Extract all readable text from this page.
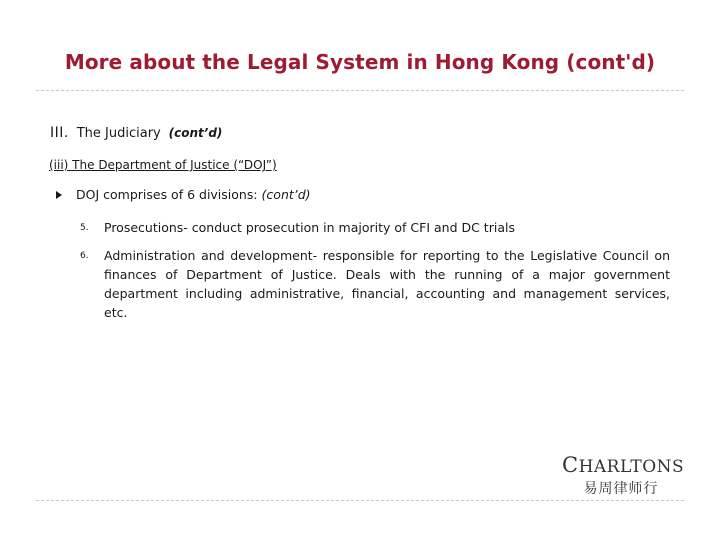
More about the Legal System in Hong Kong (cont'd)
III. The Judiciary (cont’d)
(iii) The Department of Justice (“DOJ”)
DOJ comprises of 6 divisions: (cont’d)
5. Prosecutions- conduct prosecution in majority of CFI and DC trials
6. Administration and development- responsible for reporting to the Legislative Council on finances of Department of Justice. Deals with the running of a major government department including administrative, financial, accounting and management services, etc.
CHARLTONS
易周律师行
